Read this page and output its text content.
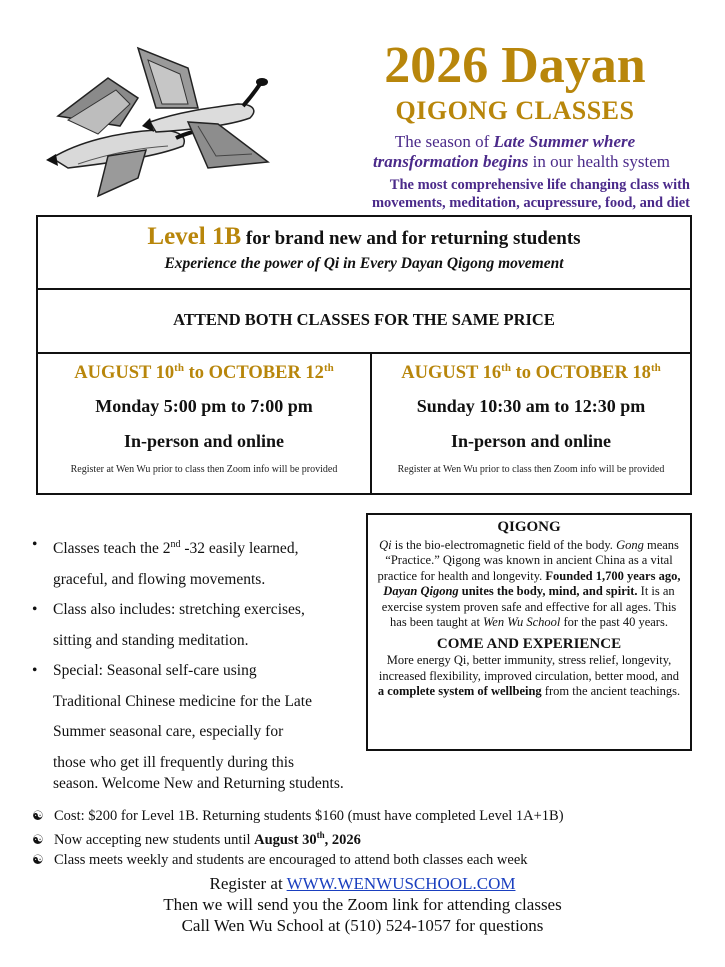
2026 Dayan
QIGONG CLASSES
The season of Late Summer where
transformation begins in our health system
The most comprehensive life changing class with
movements, meditation, acupressure, food, and diet
Level 1B for brand new and for returning students
Experience the power of Qi in Every Dayan Qigong movement
ATTEND BOTH CLASSES FOR THE SAME PRICE
AUGUST 10th to OCTOBER 12th
Monday 5:00 pm to 7:00 pm
In-person and online
Register at Wen Wu prior to class then Zoom info will be provided
AUGUST 16th to OCTOBER 18th
Sunday 10:30 am to 12:30 pm
In-person and online
Register at Wen Wu prior to class then Zoom info will be provided
• Classes teach the 2nd -32 easily learned,
graceful, and flowing movements.
• Class also includes: stretching exercises,
sitting and standing meditation.
• Special: Seasonal self-care using
Traditional Chinese medicine for the Late
Summer seasonal care, especially for
those who get ill frequently during this
season. Welcome New and Returning students.
QIGONG
Qi is the bio-electromagnetic field of the body. Gong means “Practice.” Qigong was known in ancient China as a vital practice for health and longevity. Founded 1,700 years ago, Dayan Qigong unites the body, mind, and spirit. It is an exercise system proven safe and effective for all ages. This has been taught at Wen Wu School for the past 40 years.
COME AND EXPERIENCE
More energy Qi, better immunity, stress relief, longevity, increased flexibility, improved circulation, better mood, and a complete system of wellbeing from the ancient teachings.
☯ Cost: $200 for Level 1B. Returning students $160 (must have completed Level 1A+1B)
☯ Now accepting new students until August 30th, 2026
☯ Class meets weekly and students are encouraged to attend both classes each week
Register at WWW.WENWUSCHOOL.COM
Then we will send you the Zoom link for attending classes
Call Wen Wu School at (510) 524-1057 for questions
